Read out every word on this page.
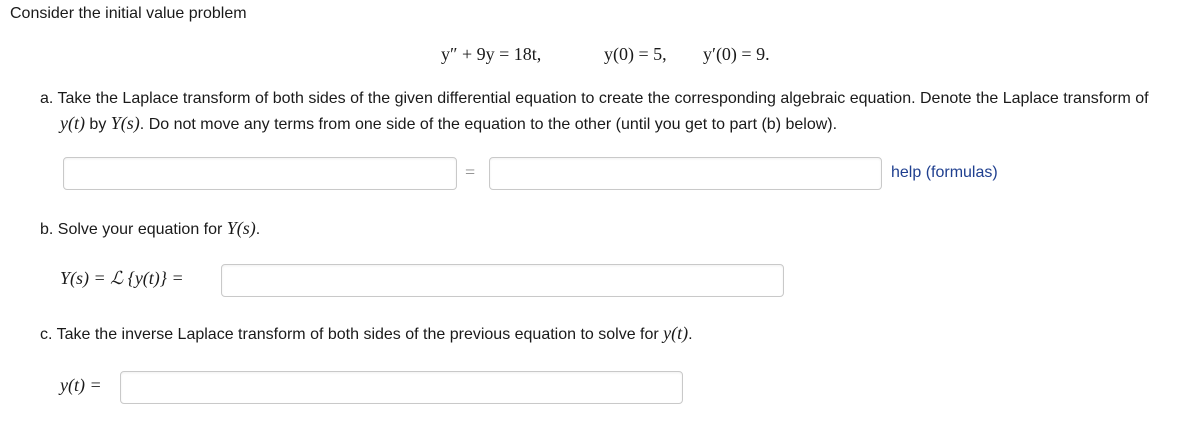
Consider the initial value problem
y″ + 9y = 18t,	y(0) = 5, y′(0) = 9.
a. Take the Laplace transform of both sides of the given differential equation to create the corresponding algebraic equation. Denote the Laplace transform of
y(t) by Y(s). Do not move any terms from one side of the equation to the other (until you get to part (b) below).
=	help (formulas)
b. Solve your equation for Y(s).
Y(s) = ℒ {y(t)} =
c. Take the inverse Laplace transform of both sides of the previous equation to solve for y(t).
y(t) =
